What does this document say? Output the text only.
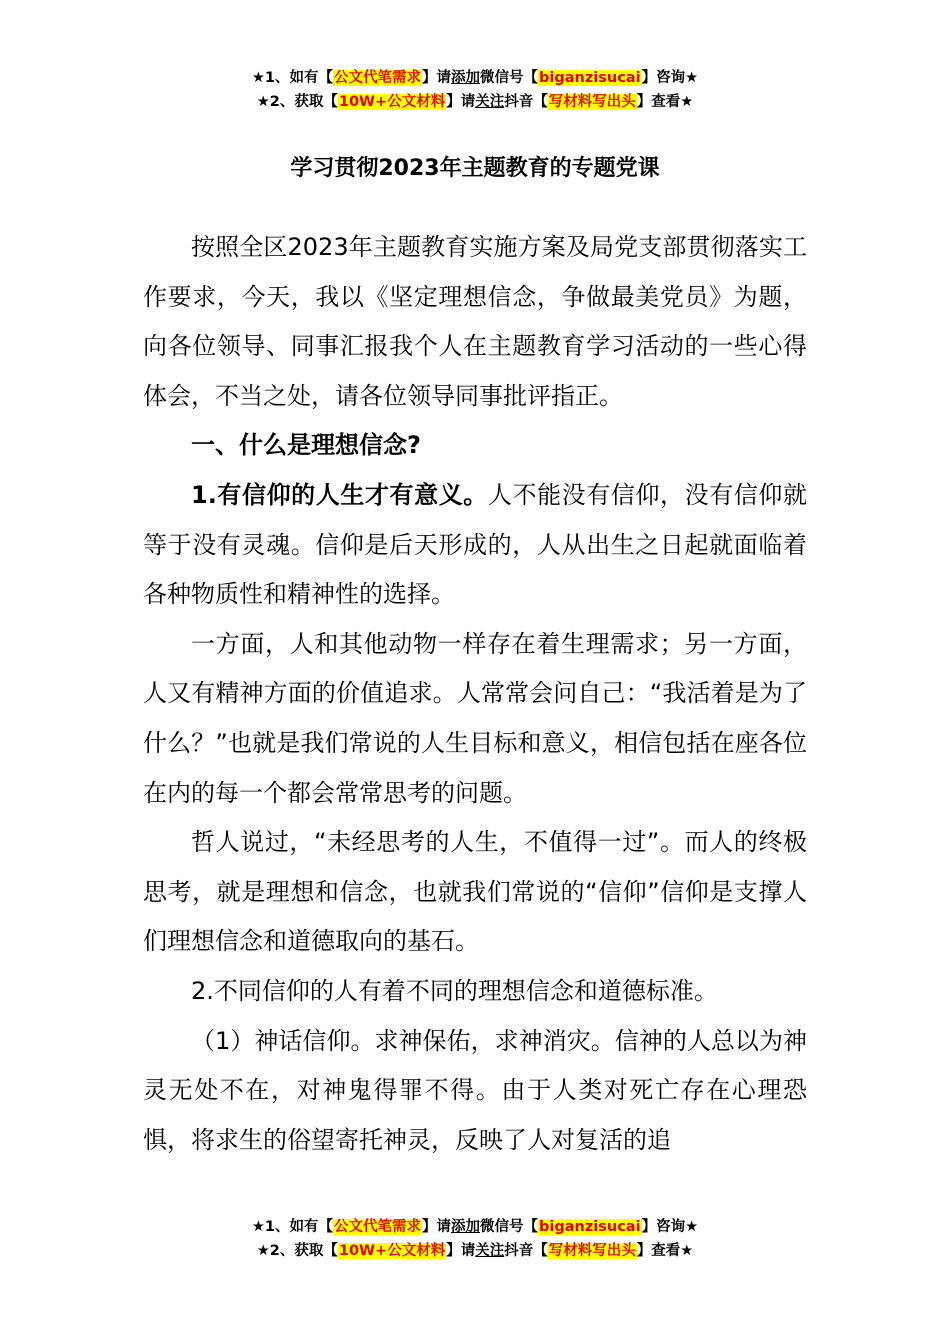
★1、如有【公文代笔需求】请添加微信号【biganzisucai】咨询★
★2、获取【10W+公文材料】请关注抖音【写材料写出头】查看★
学习贯彻2023年主题教育的专题党课

按照全区2023年主题教育实施方案及局党支部贯彻落实工作要求，今天，我以《坚定理想信念，争做最美党员》为题，向各位领导、同事汇报我个人在主题教育学习活动的一些心得体会，不当之处，请各位领导同事批评指正。

一、什么是理想信念?

1.有信仰的人生才有意义。人不能没有信仰，没有信仰就等于没有灵魂。信仰是后天形成的，人从出生之日起就面临着各种物质性和精神性的选择。

一方面，人和其他动物一样存在着生理需求；另一方面，人又有精神方面的价值追求。人常常会问自己：“我活着是为了什么？”也就是我们常说的人生目标和意义，相信包括在座各位在内的每一个都会常常思考的问题。

哲人说过，“未经思考的人生，不值得一过”。而人的终极思考，就是理想和信念，也就我们常说的“信仰”信仰是支撑人们理想信念和道德取向的基石。

2.不同信仰的人有着不同的理想信念和道德标准。

（1）神话信仰。求神保佑，求神消灾。信神的人总以为神灵无处不在，对神鬼得罪不得。由于人类对死亡存在心理恐惧，将求生的俗望寄托神灵，反映了人对复活的追

★1、如有【公文代笔需求】请添加微信号【biganzisucai】咨询★
★2、获取【10W+公文材料】请关注抖音【写材料写出头】查看★
